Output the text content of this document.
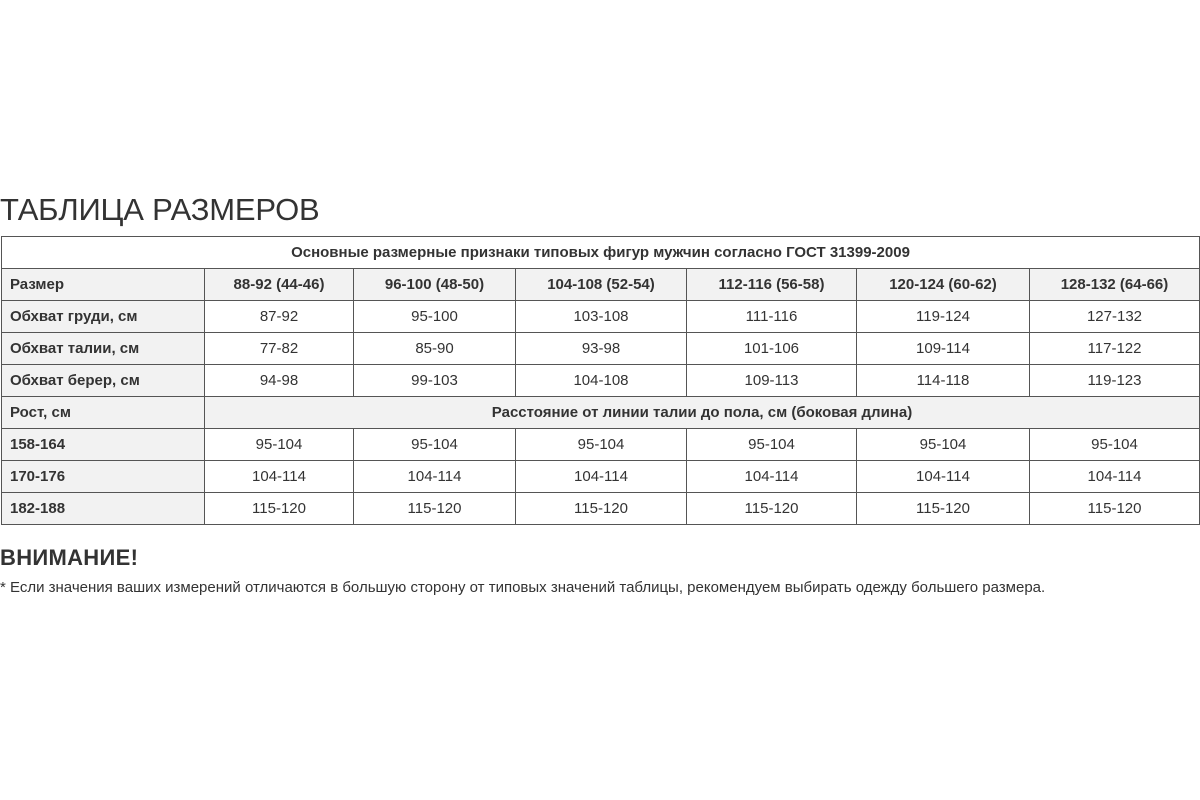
ТАБЛИЦА РАЗМЕРОВ
Основные размерные признаки типовых фигур мужчин согласно ГОСТ 31399-2009						
Размер	88-92 (44-46)	96-100 (48-50)	104-108 (52-54)	112-116 (56-58)	120-124 (60-62)	128-132 (64-66)
Обхват груди, см	87-92	95-100	103-108	111-116	119-124	127-132
Обхват талии, см	77-82	85-90	93-98	101-106	109-114	117-122
Обхват берер, см	94-98	99-103	104-108	109-113	114-118	119-123
Рост, см	Расстояние от линии талии до пола, см (боковая длина)					
158-164	95-104	95-104	95-104	95-104	95-104	95-104
170-176	104-114	104-114	104-114	104-114	104-114	104-114
182-188	115-120	115-120	115-120	115-120	115-120	115-120
ВНИМАНИЕ!

* Если значения ваших измерений отличаются в большую сторону от типовых значений таблицы, рекомендуем выбирать одежду большего размера.
